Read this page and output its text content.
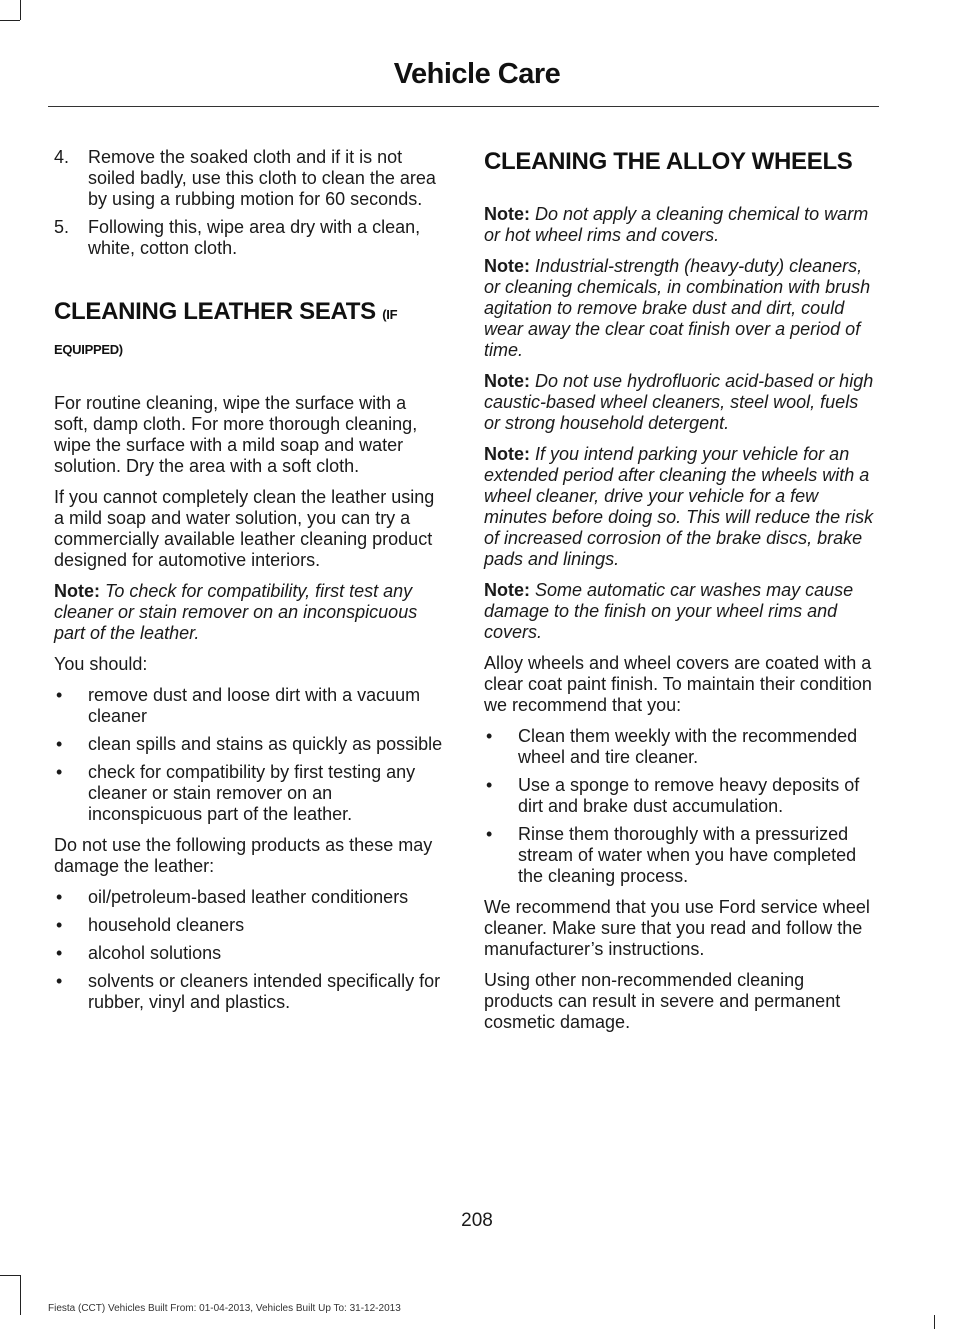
Vehicle Care
4. Remove the soaked cloth and if it is not soiled badly, use this cloth to clean the area by using a rubbing motion for 60 seconds.
5. Following this, wipe area dry with a clean, white, cotton cloth.
CLEANING LEATHER SEATS (IF EQUIPPED)

For routine cleaning, wipe the surface with a soft, damp cloth. For more thorough cleaning, wipe the surface with a mild soap and water solution. Dry the area with a soft cloth.

If you cannot completely clean the leather using a mild soap and water solution, you can try a commercially available leather cleaning product designed for automotive interiors.

Note: To check for compatibility, first test any cleaner or stain remover on an inconspicuous part of the leather.

You should:

• remove dust and loose dirt with a vacuum cleaner
• clean spills and stains as quickly as possible
• check for compatibility by first testing any cleaner or stain remover on an inconspicuous part of the leather.

Do not use the following products as these may damage the leather:

• oil/petroleum-based leather conditioners
• household cleaners
• alcohol solutions
• solvents or cleaners intended specifically for rubber, vinyl and plastics.
CLEANING THE ALLOY WHEELS

Note: Do not apply a cleaning chemical to warm or hot wheel rims and covers.

Note: Industrial-strength (heavy-duty) cleaners, or cleaning chemicals, in combination with brush agitation to remove brake dust and dirt, could wear away the clear coat finish over a period of time.

Note: Do not use hydrofluoric acid-based or high caustic-based wheel cleaners, steel wool, fuels or strong household detergent.

Note: If you intend parking your vehicle for an extended period after cleaning the wheels with a wheel cleaner, drive your vehicle for a few minutes before doing so. This will reduce the risk of increased corrosion of the brake discs, brake pads and linings.

Note: Some automatic car washes may cause damage to the finish on your wheel rims and covers.

Alloy wheels and wheel covers are coated with a clear coat paint finish. To maintain their condition we recommend that you:

• Clean them weekly with the recommended wheel and tire cleaner.
• Use a sponge to remove heavy deposits of dirt and brake dust accumulation.
• Rinse them thoroughly with a pressurized stream of water when you have completed the cleaning process.

We recommend that you use Ford service wheel cleaner. Make sure that you read and follow the manufacturer’s instructions.

Using other non-recommended cleaning products can result in severe and permanent cosmetic damage.

208
Fiesta (CCT) Vehicles Built From: 01-04-2013, Vehicles Built Up To: 31-12-2013
